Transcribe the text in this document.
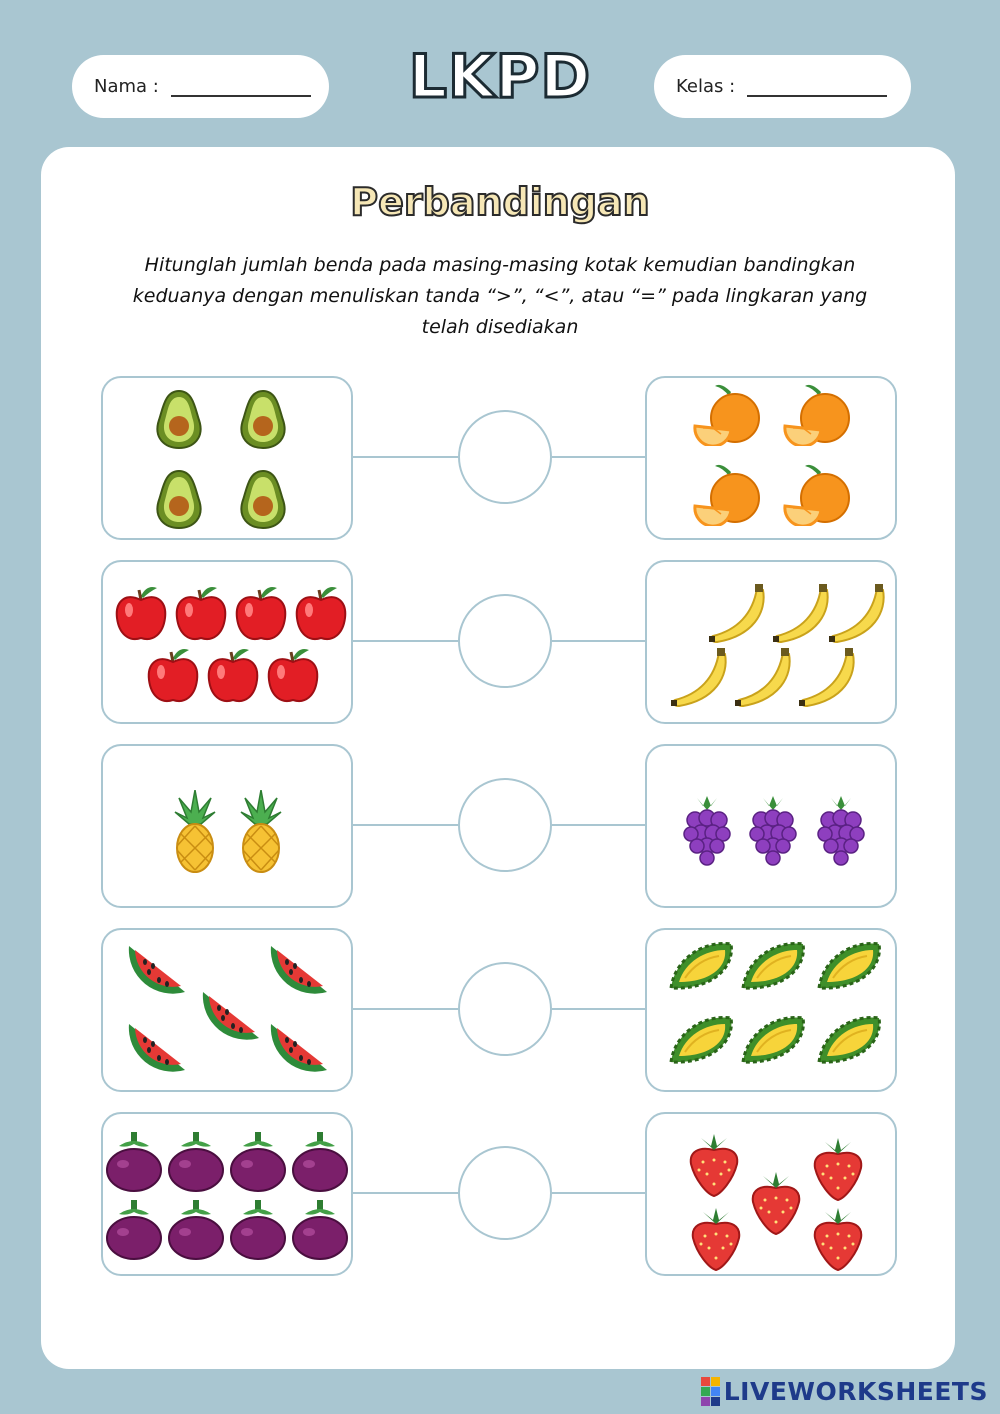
Nama :	LKPD	Kelas :
Perbandingan
Hitunglah jumlah benda pada masing-masing kotak kemudian bandingkan keduanya dengan menuliskan tanda “>”, “<”, atau “=” pada lingkaran yang telah disediakan
LIVEWORKSHEETS
